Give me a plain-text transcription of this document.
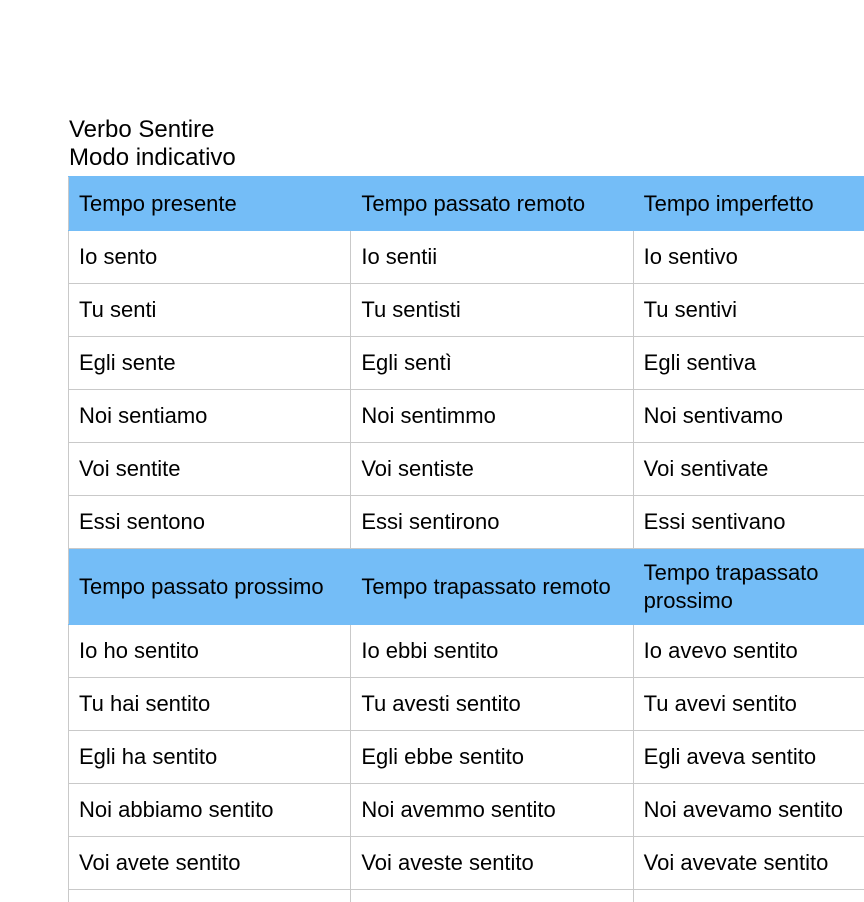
Verbo Sentire
Modo indicativo
Tempo presente	Tempo passato remoto	Tempo imperfetto
Io sento	Io sentii	Io sentivo
Tu senti	Tu sentisti	Tu sentivi
Egli sente	Egli sentì	Egli sentiva
Noi sentiamo	Noi sentimmo	Noi sentivamo
Voi sentite	Voi sentiste	Voi sentivate
Essi sentono	Essi sentirono	Essi sentivano
Tempo passato prossimo	Tempo trapassato remoto	Tempo trapassato prossimo
Io ho sentito	Io ebbi sentito	Io avevo sentito
Tu hai sentito	Tu avesti sentito	Tu avevi sentito
Egli ha sentito	Egli ebbe sentito	Egli aveva sentito
Noi abbiamo sentito	Noi avemmo sentito	Noi avevamo sentito
Voi avete sentito	Voi aveste sentito	Voi avevate sentito
